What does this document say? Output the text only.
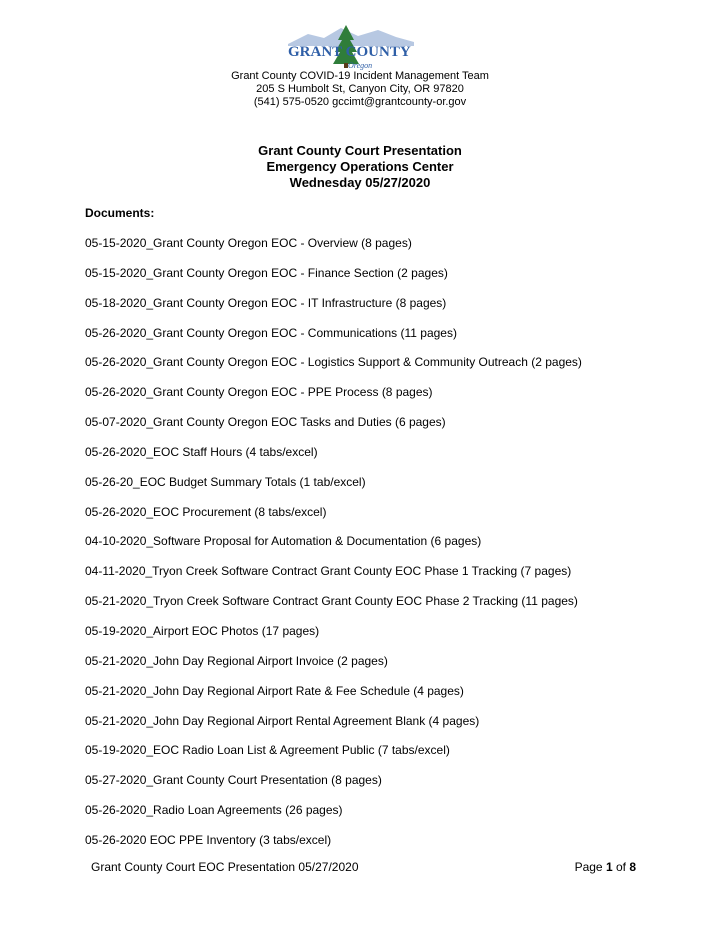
GRANT COUNTY
Oregon
Grant County COVID-19 Incident Management Team
205 S Humbolt St, Canyon City, OR 97820
(541) 575-0520 gccimt@grantcounty-or.gov
Grant County Court Presentation
Emergency Operations Center
Wednesday 05/27/2020
Documents:
05-15-2020_Grant County Oregon EOC - Overview (8 pages)
05-15-2020_Grant County Oregon EOC - Finance Section (2 pages)
05-18-2020_Grant County Oregon EOC - IT Infrastructure (8 pages)
05-26-2020_Grant County Oregon EOC - Communications (11 pages)
05-26-2020_Grant County Oregon EOC - Logistics Support & Community Outreach (2 pages)
05-26-2020_Grant County Oregon EOC - PPE Process (8 pages)
05-07-2020_Grant County Oregon EOC Tasks and Duties (6 pages)
05-26-2020_EOC Staff Hours (4 tabs/excel)
05-26-20_EOC Budget Summary Totals (1 tab/excel)
05-26-2020_EOC Procurement (8 tabs/excel)
04-10-2020_Software Proposal for Automation & Documentation (6 pages)
04-11-2020_Tryon Creek Software Contract Grant County EOC Phase 1 Tracking (7 pages)
05-21-2020_Tryon Creek Software Contract Grant County EOC Phase 2 Tracking (11 pages)
05-19-2020_Airport EOC Photos (17 pages)
05-21-2020_John Day Regional Airport Invoice (2 pages)
05-21-2020_John Day Regional Airport Rate & Fee Schedule (4 pages)
05-21-2020_John Day Regional Airport Rental Agreement Blank (4 pages)
05-19-2020_EOC Radio Loan List & Agreement Public (7 tabs/excel)
05-27-2020_Grant County Court Presentation (8 pages)
05-26-2020_Radio Loan Agreements (26 pages)
05-26-2020 EOC PPE Inventory (3 tabs/excel)
Grant County Court EOC Presentation 05/27/2020	Page 1 of 8
